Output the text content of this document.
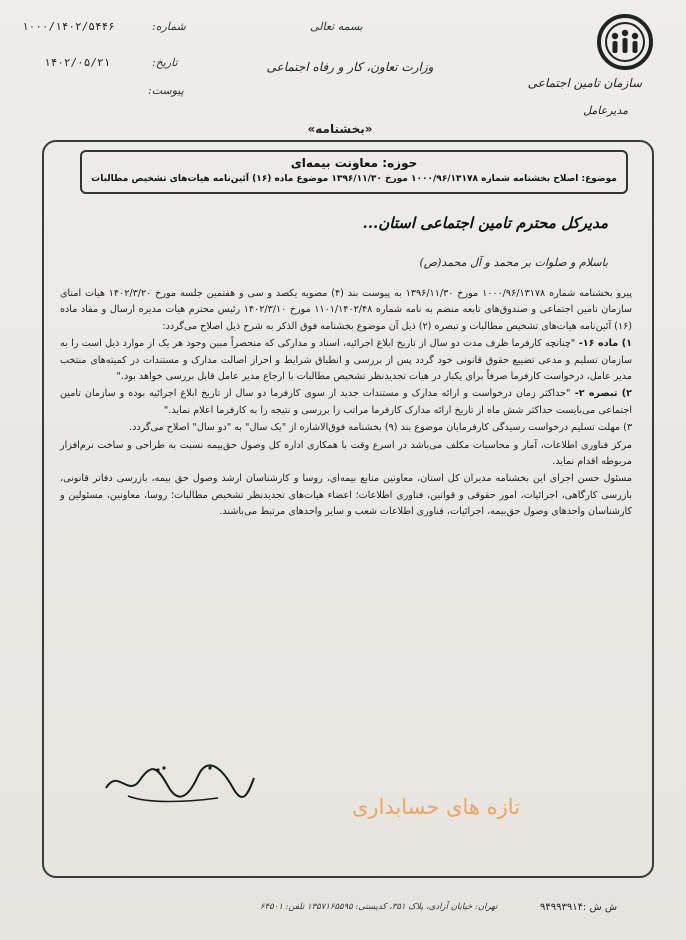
سازمان تامین اجتماعی
مدیرعامل
بسمه تعالی
وزارت تعاون، کار و رفاه اجتماعی
«بخشنامه»
شماره:
۱۰۰۰/۱۴۰۲/۵۴۴۶
تاریخ:
۱۴۰۲/۰۵/۲۱
پیوست:
حوزه: معاونت بیمه‌ای
موضوع: اصلاح بخشنامه شماره ۱۰۰۰/۹۶/۱۳۱۷۸ مورخ ۱۳۹۶/۱۱/۳۰ موضوع ماده (۱۶) آئین‌نامه هیات‌های تشخیص مطالبات
مدیرکل محترم تامین اجتماعی استان...
باسلام و صلوات بر محمد و آل محمد(ص)

پیرو بخشنامه شماره ۱۰۰۰/۹۶/۱۳۱۷۸ مورخ ۱۳۹۶/۱۱/۳۰ به پیوست بند (۴) مصوبه یکصد و سی و هفتمین جلسه مورخ ۱۴۰۲/۳/۲۰ هیات امنای سازمان تامین اجتماعی و صندوق‌های تابعه منضم به نامه شماره ۱۱۰۱/۱۴۰۲/۴۸ مورخ ۱۴۰۲/۳/۱۰ رئیس محترم هیات مدیره ارسال و مفاد ماده (۱۶) آئین‌نامه هیات‌های تشخیص مطالبات و تبصره (۲) ذیل آن موضوع بخشنامه فوق الذکر به شرح ذیل اصلاح می‌گردد:

۱) ماده ۱۶- "چنانچه کارفرما ظرف مدت دو سال از تاریخ ابلاغ اجرائیه، اسناد و مدارکی که منحصراً مبین وجود هر یک از موارد ذیل است را به سازمان تسلیم و مدعی تضییع حقوق قانونی خود گردد پس از بررسی و انطباق شرایط و احراز اصالت مدارک و مستندات در کمیته‌های منتخب مدیر عامل، درخواست کارفرما صرفاً برای یکبار در هیات تجدیدنظر تشخیص مطالبات با ارجاع مدیر عامل قابل بررسی خواهد بود."

۲) تبصره ۲- "حداکثر زمان درخواست و ارائه مدارک و مستندات جدید از سوی کارفرما دو سال از تاریخ ابلاغ اجرائیه بوده و سازمان تامین اجتماعی می‌بایست حداکثر شش ماه از تاریخ ارائه مدارک کارفرما مراتب را بررسی و نتیجه را به کارفرما اعلام نماید."

۳) مهلت تسلیم درخواست رسیدگی کارفرمایان موضوع بند (۹) بخشنامه فوق‌الاشاره از "یک سال" به "دو سال" اصلاح می‌گردد.

مرکز فناوری اطلاعات، آمار و محاسبات مکلف می‌باشد در اسرع وقت با همکاری اداره کل وصول حق‌بیمه نسبت به طراحی و ساخت نرم‌افزار مربوطه اقدام نماید.

مسئول حسن اجرای این بخشنامه مدیران کل استان، معاونین منابع بیمه‌ای، روسا و کارشناسان ارشد وصول حق بیمه، بازرسی دفاتر قانونی، بازرسی کارگاهی، اجرائیات، امور حقوقی و قوانین، فناوری اطلاعات؛ اعضاء هیات‌های تجدیدنظر تشخیص مطالبات؛ روسا، معاونین، مسئولین و کارشناسان واحدهای وصول حق‌بیمه، اجرائیات، فناوری اطلاعات شعب و سایر واحدهای مرتبط می‌باشند.

تازه های حسابداری
تهران: خیابان آزادی، پلاک ۳۵۱، کدپستی: ۱۳۵۷۱۶۵۵۹۵ تلفن: ۶۴۵۰۱	ش ش :۹۴۹۹۳۹۱۴
